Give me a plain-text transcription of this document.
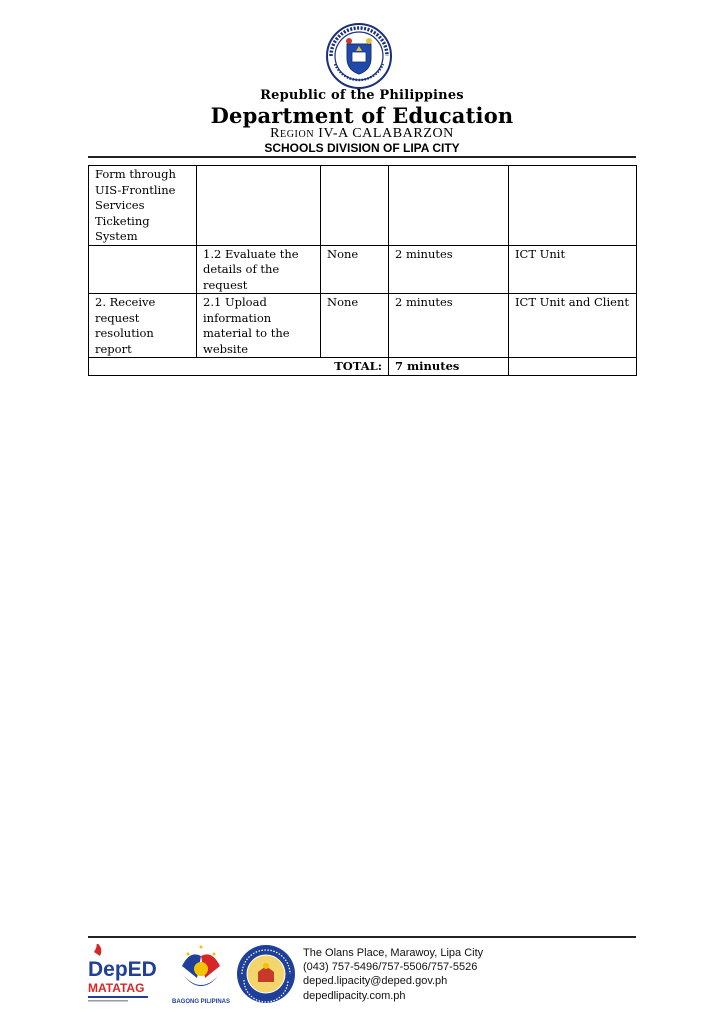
Republic of the Philippines
Department of Education
Region IV-A CALABARZON
SCHOOLS DIVISION OF LIPA CITY
Form through UIS-Frontline Services Ticketing System				
	1.2 Evaluate the details of the request	None	2 minutes	ICT Unit
2. Receive request resolution report	2.1 Upload information material to the website	None	2 minutes	ICT Unit and Client
TOTAL:			7 minutes	
DepED
MATATAG
BAGONG PILIPINAS
The Olans Place, Marawoy, Lipa City
(043) 757-5496/757-5506/757-5526
deped.lipacity@deped.gov.ph
depedlipacity.com.ph
